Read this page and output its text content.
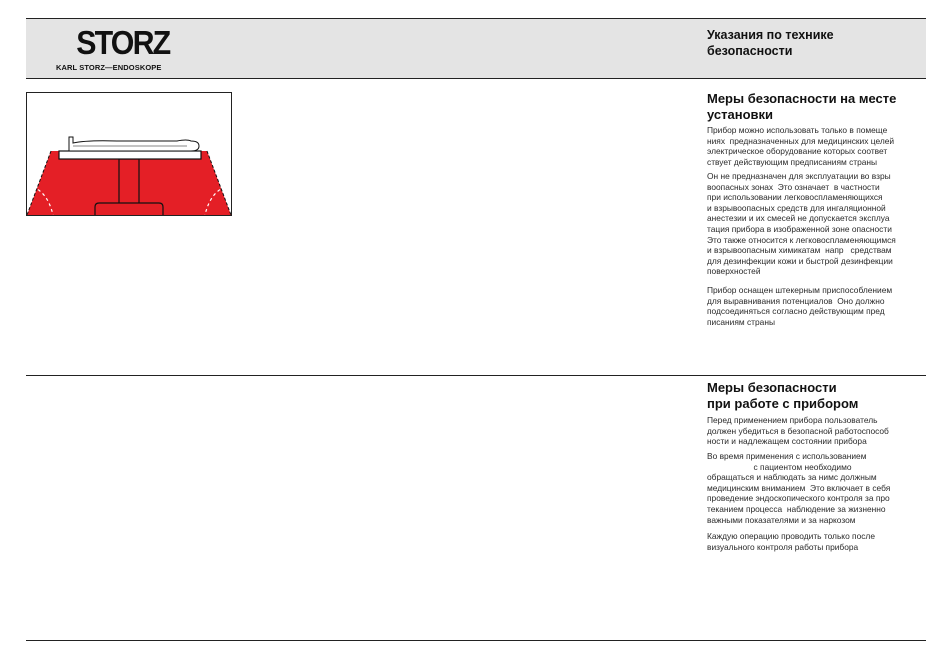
STORZ
KARL STORZ—ENDOSKOPE
Указания по технике
безопасности
Меры безопасности на месте
установки
Прибор можно использовать только в помеще
ниях  предназначенных для медицинских целей
электрическое оборудование которых соответ
ствует действующим предписаниям страны
Он не предназначен для эксплуатации во взры
воопасных зонах  Это означает  в частности
при использовании легковоспламеняющихся
и взрывоопасных средств для ингаляционной
анестезии и их смесей не допускается эксплуа
тация прибора в изображенной зоне опасности
Это также относится к легковоспламеняющимся
и взрывоопасным химикатам  напр   средствам
для дезинфекции кожи и быстрой дезинфекции
поверхностей
Прибор оснащен штекерным приспособлением
для выравнивания потенциалов  Оно должно
подсоединяться согласно действующим пред
писаниям страны
Меры безопасности
при работе с прибором
Перед применением прибора пользователь
должен убедиться в безопасной работоспособ
ности и надлежащем состоянии прибора
Во время применения с использованием
с пациентом необходимо
обращаться и наблюдать за нимс должным
медицинским вниманием  Это включает в себя
проведение эндоскопического контроля за про
теканием процесса  наблюдение за жизненно
важными показателями и за наркозом
Каждую операцию проводить только после
визуального контроля работы прибора
